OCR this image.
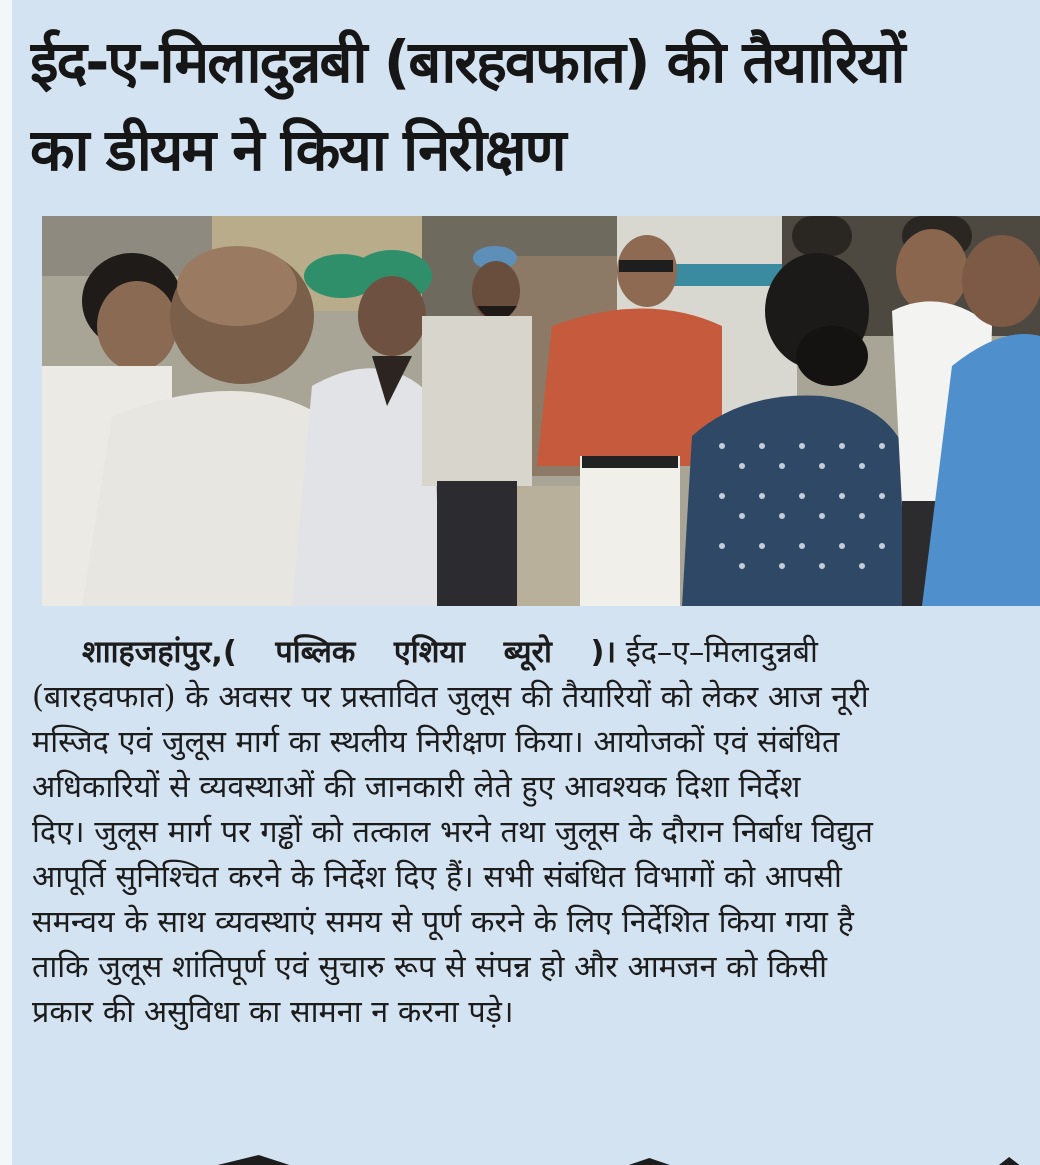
ईद-ए-मिलादुन्नबी (बारहवफात) की तैयारियों
का डीयम ने किया निरीक्षण
शााहजहांपुर,( पब्लिक एशिया ब्यूरो )। ईद–ए–मिलादुन्नबी
(बारहवफात) के अवसर पर प्रस्तावित जुलूस की तैयारियों को लेकर आज नूरी
मस्जिद एवं जुलूस मार्ग का स्थलीय निरीक्षण किया। आयोजकों एवं संबंधित
अधिकारियों से व्यवस्थाओं की जानकारी लेते हुए आवश्यक दिशा निर्देश
दिए। जुलूस मार्ग पर गड्ढों को तत्काल भरने तथा जुलूस के दौरान निर्बाध विद्युत
आपूर्ति सुनिश्चित करने के निर्देश दिए हैं। सभी संबंधित विभागों को आपसी
समन्वय के साथ व्यवस्थाएं समय से पूर्ण करने के लिए निर्देशित किया गया है
ताकि जुलूस शांतिपूर्ण एवं सुचारु रूप से संपन्न हो और आमजन को किसी
प्रकार की असुविधा का सामना न करना पड़े।
